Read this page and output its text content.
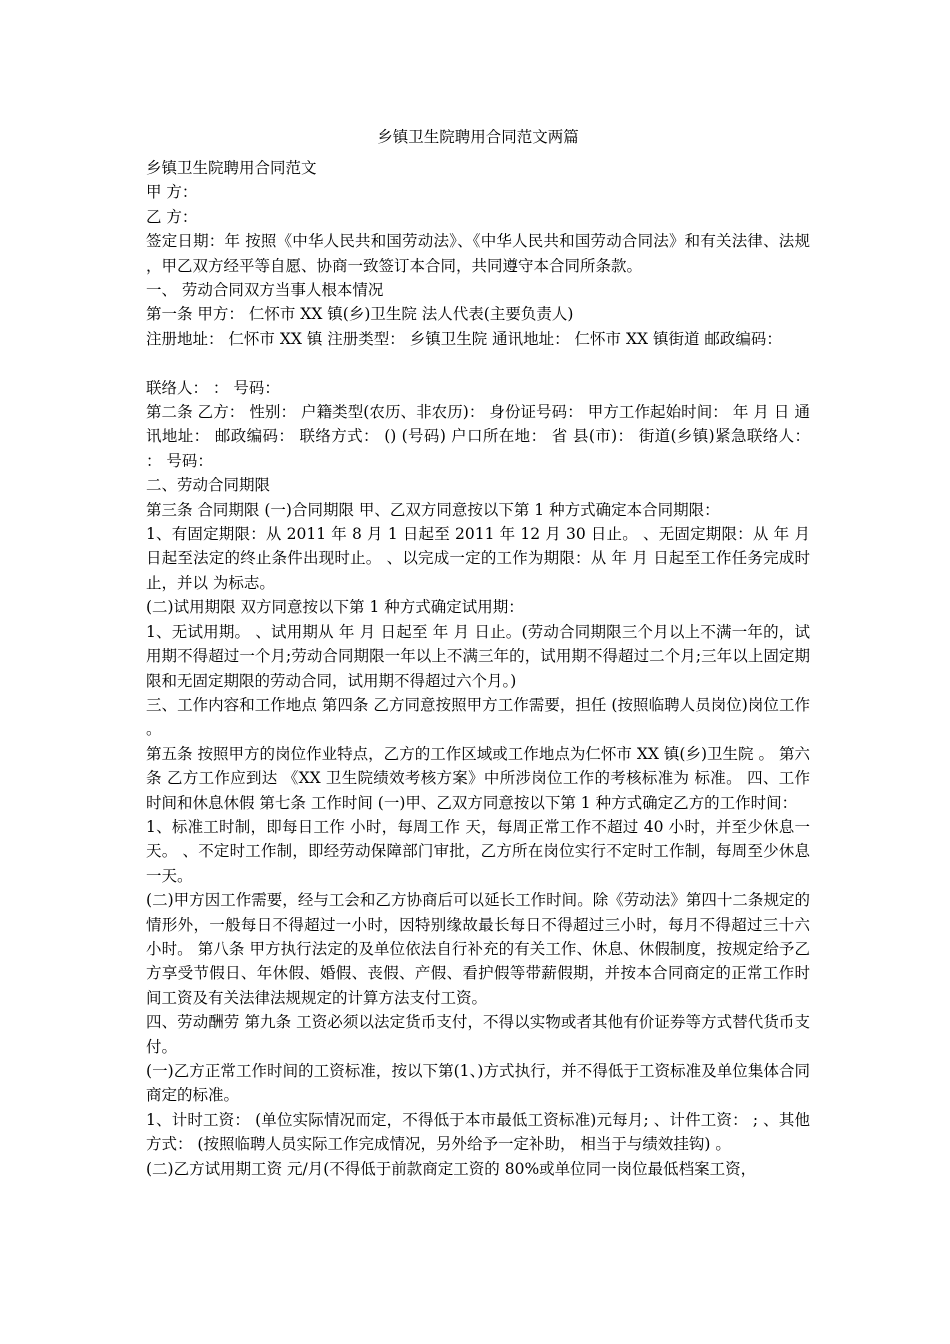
乡镇卫生院聘用合同范文两篇

乡镇卫生院聘用合同范文

甲 方：

乙 方：

签定日期：年 按照《中华人民共和国劳动法》、《中华人民共和国劳动合同法》和有关法律、法规，甲乙双方经平等自愿、协商一致签订本合同，共同遵守本合同所条款。

一、 劳动合同双方当事人根本情况

第一条 甲方： 仁怀市 XX 镇(乡)卫生院 法人代表(主要负责人)

注册地址： 仁怀市 XX 镇 注册类型： 乡镇卫生院 通讯地址： 仁怀市 XX 镇街道 邮政编码：

联络人： ： 号码：

第二条 乙方： 性别： 户籍类型(农历、非农历)： 身份证号码： 甲方工作起始时间： 年 月 日 通讯地址： 邮政编码： 联络方式： () (号码) 户口所在地： 省 县(市)： 街道(乡镇)紧急联络人： ： 号码：

二、劳动合同期限

第三条 合同期限 (一)合同期限 甲、乙双方同意按以下第 1 种方式确定本合同期限：

1、有固定期限：从 2011 年 8 月 1 日起至 2011 年 12 月 30 日止。 、无固定期限：从 年 月 日起至法定的终止条件出现时止。 、以完成一定的工作为期限：从 年 月 日起至工作任务完成时止，并以 为标志。

(二)试用期限 双方同意按以下第 1 种方式确定试用期：

1、无试用期。 、试用期从 年 月 日起至 年 月 日止。(劳动合同期限三个月以上不满一年的，试用期不得超过一个月;劳动合同期限一年以上不满三年的，试用期不得超过二个月;三年以上固定期限和无固定期限的劳动合同，试用期不得超过六个月。)

三、工作内容和工作地点 第四条 乙方同意按照甲方工作需要，担任 (按照临聘人员岗位)岗位工作。

第五条 按照甲方的岗位作业特点，乙方的工作区域或工作地点为仁怀市 XX 镇(乡)卫生院 。 第六条 乙方工作应到达 《XX 卫生院绩效考核方案》中所涉岗位工作的考核标准为 标准。 四、工作时间和休息休假 第七条 工作时间 (一)甲、乙双方同意按以下第 1 种方式确定乙方的工作时间：

1、标准工时制，即每日工作 小时，每周工作 天，每周正常工作不超过 40 小时，并至少休息一天。 、不定时工作制，即经劳动保障部门审批，乙方所在岗位实行不定时工作制，每周至少休息一天。

(二)甲方因工作需要，经与工会和乙方协商后可以延长工作时间。除《劳动法》第四十二条规定的情形外，一般每日不得超过一小时，因特别缘故最长每日不得超过三小时，每月不得超过三十六小时。 第八条 甲方执行法定的及单位依法自行补充的有关工作、休息、休假制度，按规定给予乙方享受节假日、年休假、婚假、丧假、产假、看护假等带薪假期，并按本合同商定的正常工作时间工资及有关法律法规规定的计算方法支付工资。

四、劳动酬劳 第九条 工资必须以法定货币支付，不得以实物或者其他有价证券等方式替代货币支付。

(一)乙方正常工作时间的工资标准，按以下第(1、)方式执行，并不得低于工资标准及单位集体合同商定的标准。

1、计时工资： (单位实际情况而定，不得低于本市最低工资标准)元每月; 、计件工资： ; 、其他方式： (按照临聘人员实际工作完成情况，另外给予一定补助， 相当于与绩效挂钩) 。

(二)乙方试用期工资 元/月(不得低于前款商定工资的 80%或单位同一岗位最低档案工资，
